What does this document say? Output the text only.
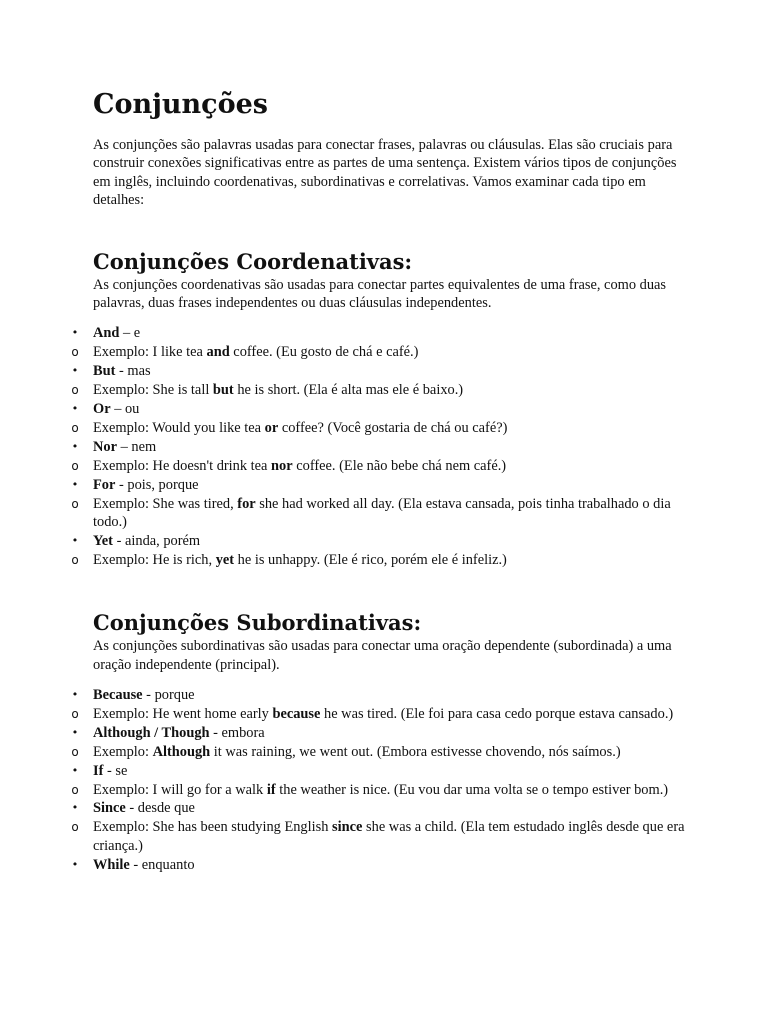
Conjunções

As conjunções são palavras usadas para conectar frases, palavras ou cláusulas. Elas são cruciais para construir conexões significativas entre as partes de uma sentença. Existem vários tipos de conjunções em inglês, incluindo coordenativas, subordinativas e correlativas. Vamos examinar cada tipo em detalhes:

Conjunções Coordenativas:

As conjunções coordenativas são usadas para conectar partes equivalentes de uma frase, como duas palavras, duas frases independentes ou duas cláusulas independentes.

• And – e
o Exemplo: I like tea and coffee. (Eu gosto de chá e café.)
• But - mas
o Exemplo: She is tall but he is short. (Ela é alta mas ele é baixo.)
• Or – ou
o Exemplo: Would you like tea or coffee? (Você gostaria de chá ou café?)
• Nor – nem
o Exemplo: He doesn't drink tea nor coffee. (Ele não bebe chá nem café.)
• For - pois, porque
o Exemplo: She was tired, for she had worked all day. (Ela estava cansada, pois tinha trabalhado o dia todo.)
• Yet - ainda, porém
o Exemplo: He is rich, yet he is unhappy. (Ele é rico, porém ele é infeliz.)
Conjunções Subordinativas:

As conjunções subordinativas são usadas para conectar uma oração dependente (subordinada) a uma oração independente (principal).

• Because - porque
o Exemplo: He went home early because he was tired. (Ele foi para casa cedo porque estava cansado.)
• Although / Though - embora
o Exemplo: Although it was raining, we went out. (Embora estivesse chovendo, nós saímos.)
• If - se
o Exemplo: I will go for a walk if the weather is nice. (Eu vou dar uma volta se o tempo estiver bom.)
• Since - desde que
o Exemplo: She has been studying English since she was a child. (Ela tem estudado inglês desde que era criança.)
• While - enquanto
